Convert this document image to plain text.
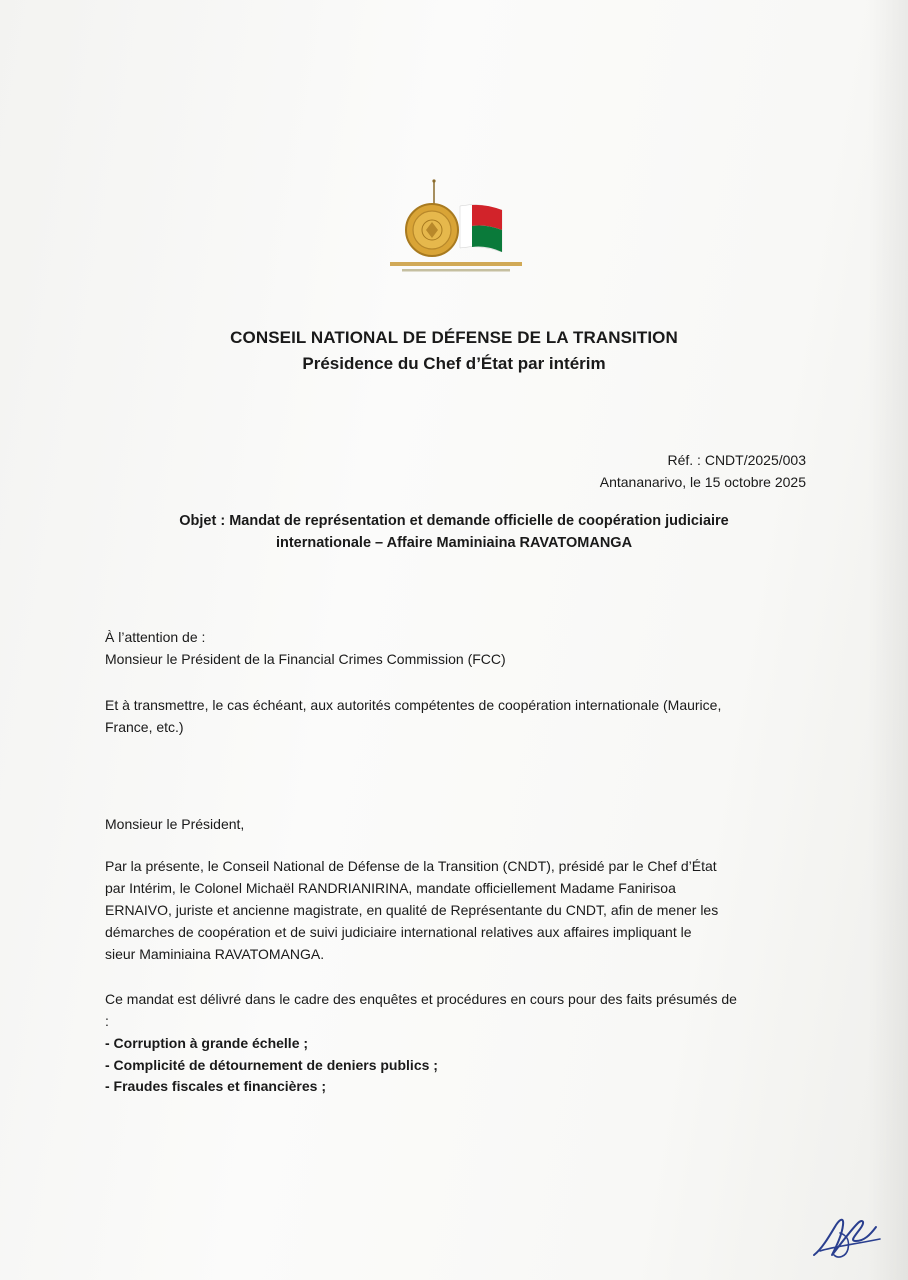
CONSEIL NATIONAL DE DÉFENSE DE LA TRANSITION
Présidence du Chef d’État par intérim
Réf. : CNDT/2025/003
Antananarivo, le 15 octobre 2025
Objet : Mandat de représentation et demande officielle de coopération judiciaire
internationale – Affaire Maminiaina RAVATOMANGA
À l’attention de :
Monsieur le Président de la Financial Crimes Commission (FCC)
Et à transmettre, le cas échéant, aux autorités compétentes de coopération internationale (Maurice,
France, etc.)
Monsieur le Président,
Par la présente, le Conseil National de Défense de la Transition (CNDT), présidé par le Chef d’État
par Intérim, le Colonel Michaël RANDRIANIRINA, mandate officiellement Madame Fanirisoa
ERNAIVO, juriste et ancienne magistrate, en qualité de Représentante du CNDT, afin de mener les
démarches de coopération et de suivi judiciaire international relatives aux affaires impliquant le
sieur Maminiaina RAVATOMANGA.
Ce mandat est délivré dans le cadre des enquêtes et procédures en cours pour des faits présumés de
:
- Corruption à grande échelle ;
- Complicité de détournement de deniers publics ;
- Fraudes fiscales et financières ;
